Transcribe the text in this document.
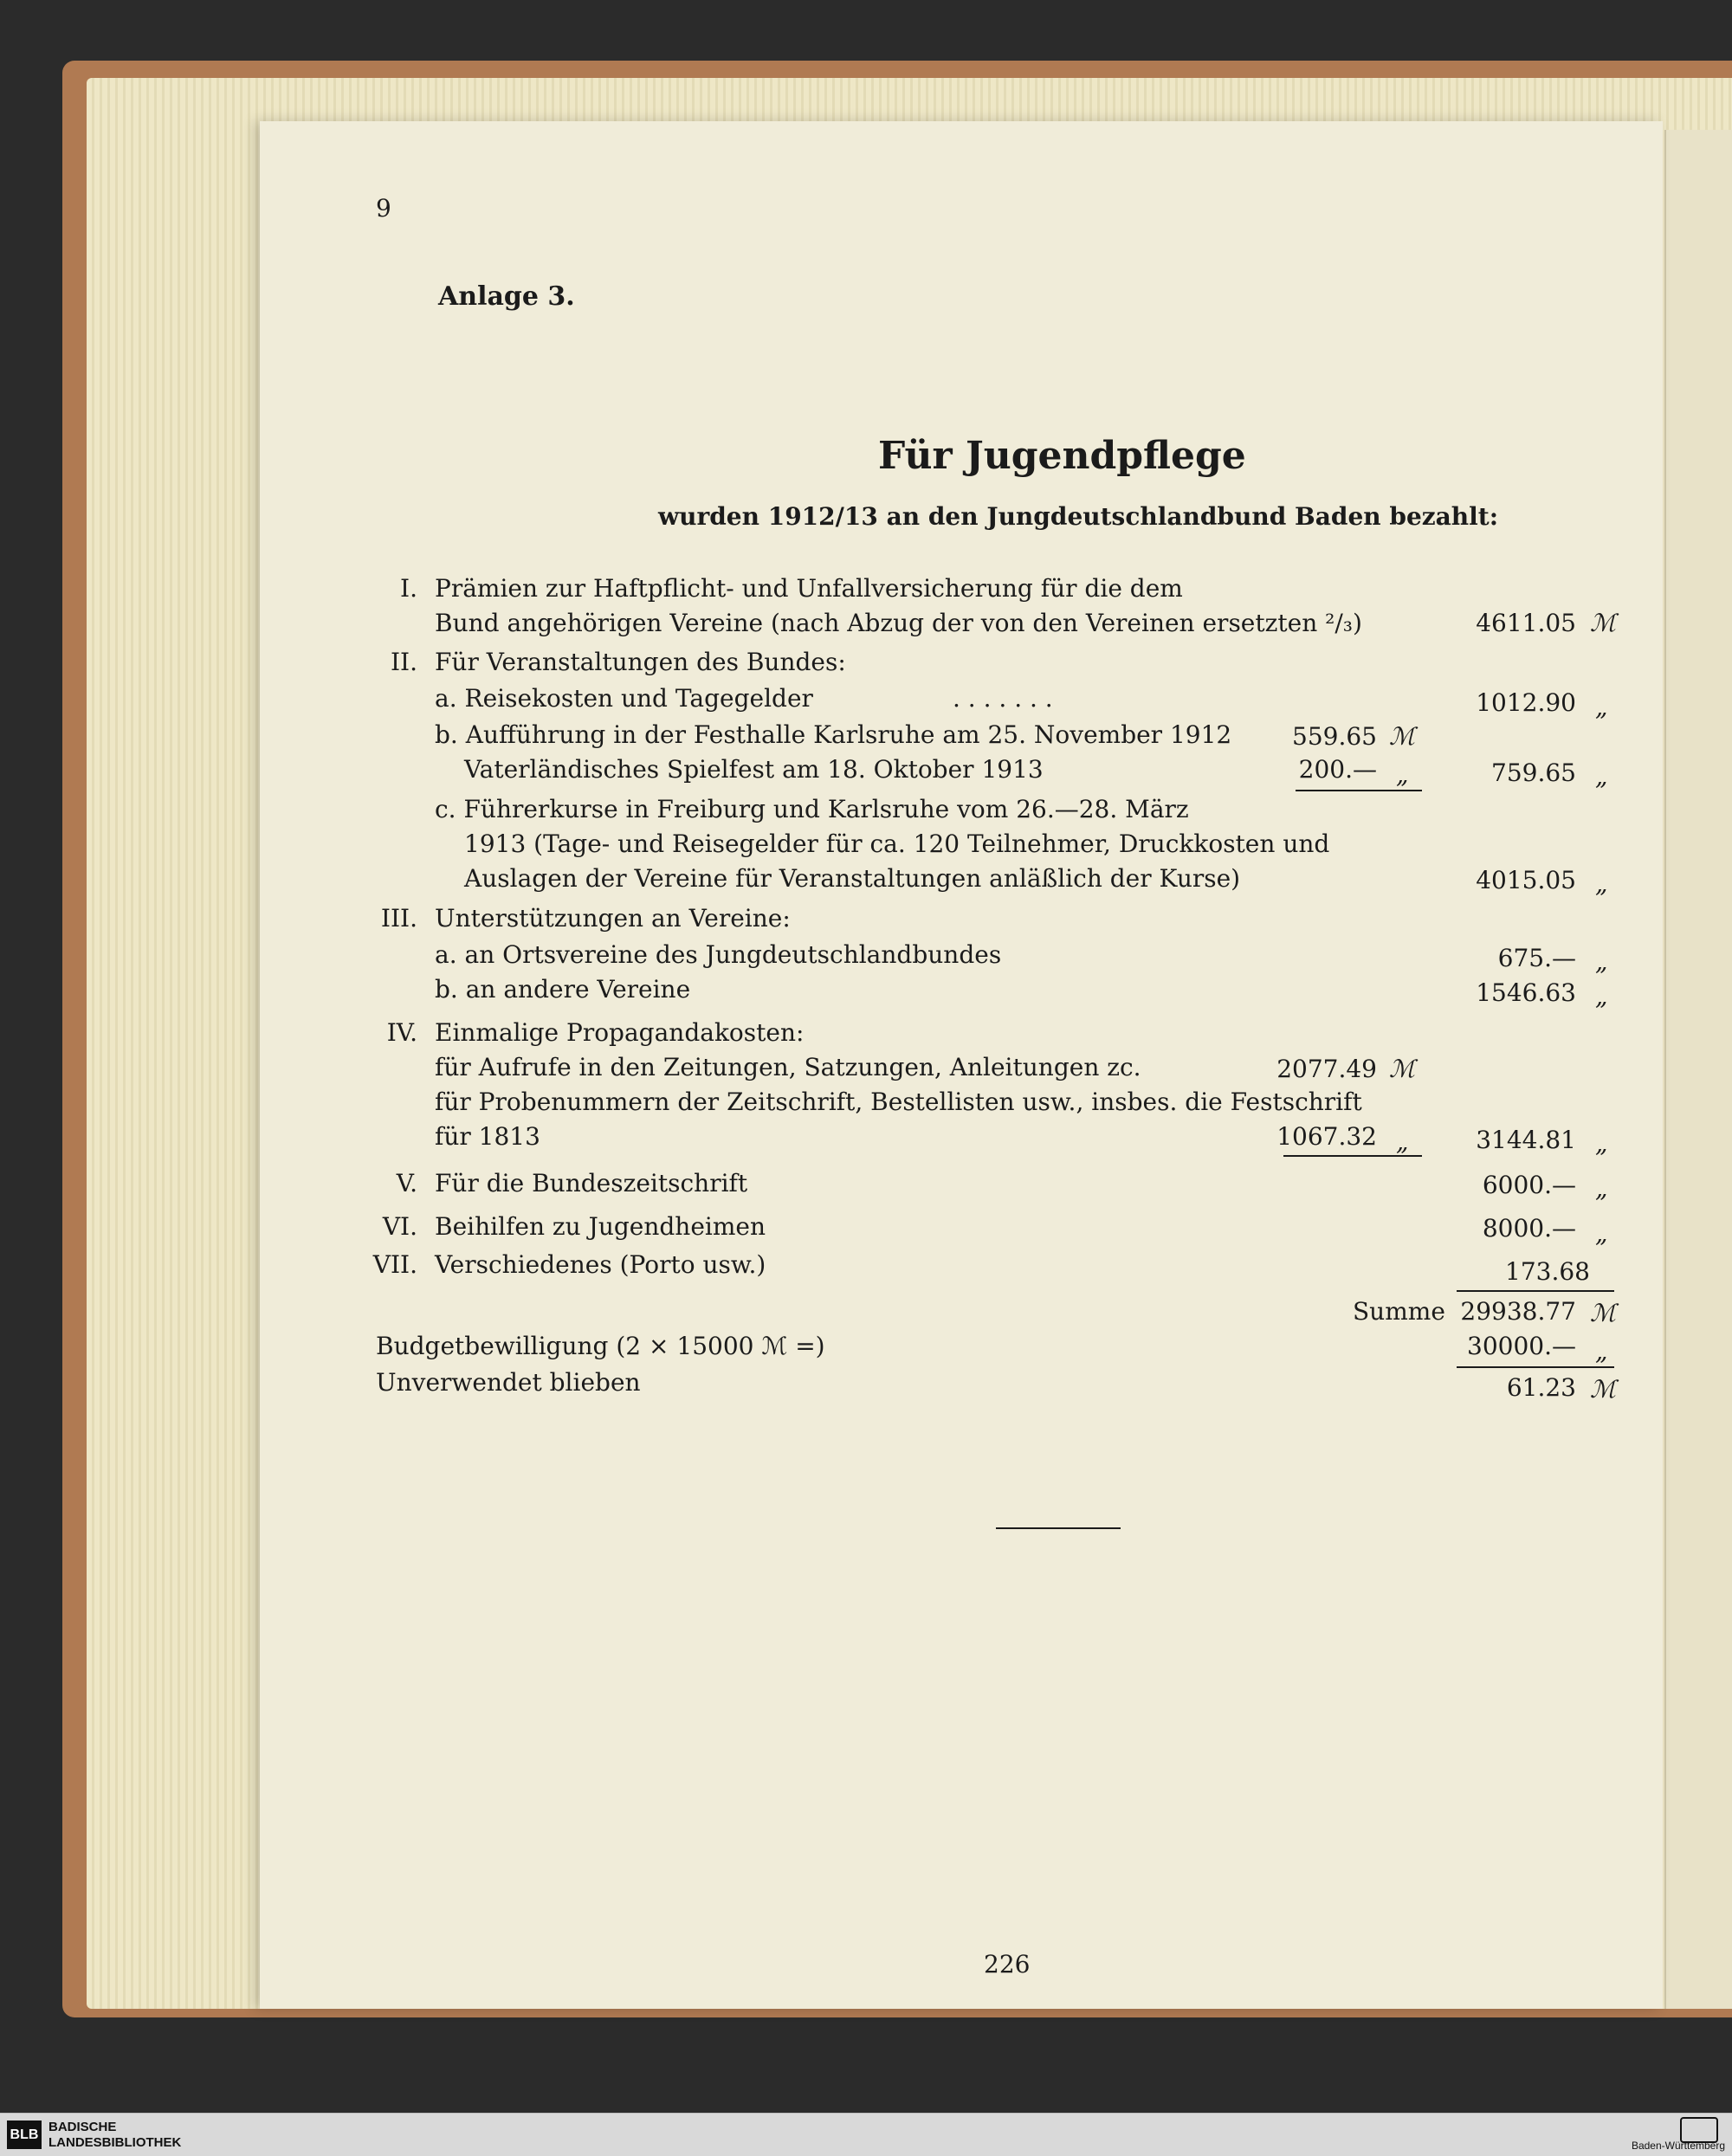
9
Anlage 3.
Für Jugendpflege
wurden 1912/13 an den Jungdeutschlandbund Baden bezahlt:
I. Prämien zur Haftpflicht- und Unfallversicherung für die dem
Bund angehörigen Vereine (nach Abzug der von den Vereinen ersetzten ²/₃)	4611.05 ℳ
II. Für Veranstaltungen des Bundes:
a. Reisekosten und Tagegelder	. . . . . . .	1012.90 „
b. Aufführung in der Festhalle Karlsruhe am 25. November 1912	559.65 ℳ
Vaterländisches Spielfest am 18. Oktober 1913	200.— „	759.65 „
c. Führerkurse in Freiburg und Karlsruhe vom 26.—28. März
1913 (Tage- und Reisegelder für ca. 120 Teilnehmer, Druckkosten und
Auslagen der Vereine für Veranstaltungen anläßlich der Kurse)	4015.05 „
III. Unterstützungen an Vereine:
a. an Ortsvereine des Jungdeutschlandbundes	675.— „
b. an andere Vereine	1546.63 „
IV. Einmalige Propagandakosten:
für Aufrufe in den Zeitungen, Satzungen, Anleitungen zc.	2077.49 ℳ
für Probenummern der Zeitschrift, Bestellisten usw., insbes. die Festschrift
für 1813	1067.32 „	3144.81 „
V. Für die Bundeszeitschrift	6000.— „
VI. Beihilfen zu Jugendheimen	8000.— „
VII. Verschiedenes (Porto usw.)	173.68
Summe 29938.77 ℳ
Budgetbewilligung (2 × 15000 ℳ =)	30000.— „
Unverwendet blieben	61.23 ℳ
226
BLB
BADISCHE
LANDESBIBLIOTHEK	Baden-Württemberg
